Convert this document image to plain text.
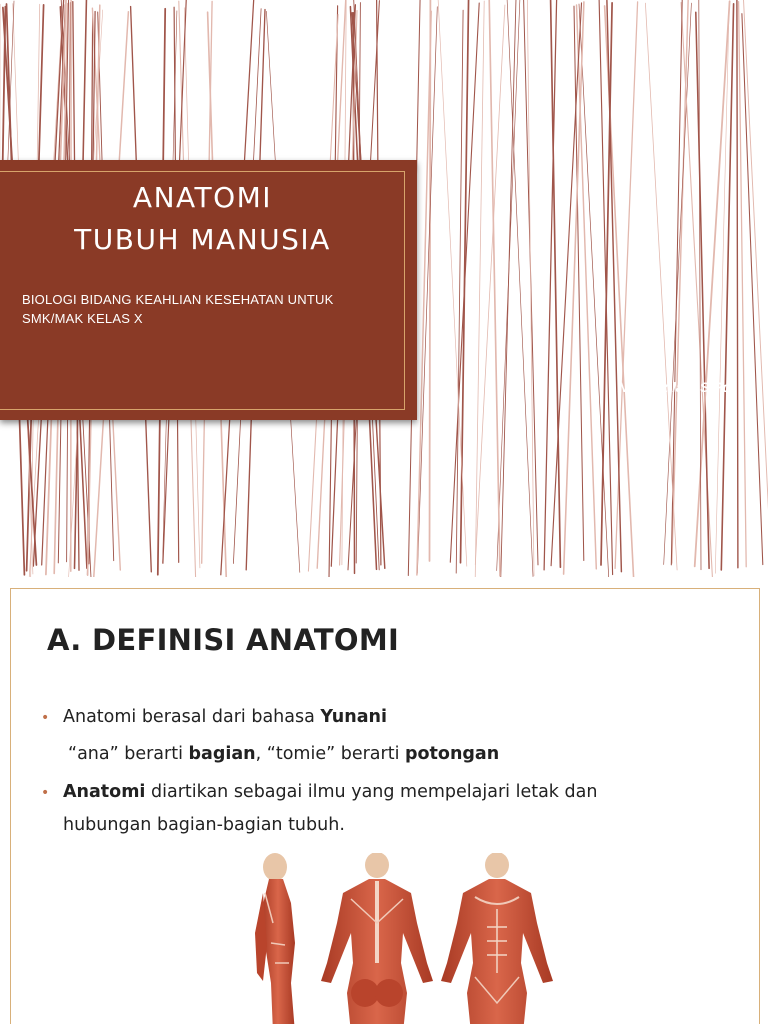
ANATOMI
TUBUH MANUSIA
BIOLOGI BIDANG KEAHLIAN KESEHATAN UNTUK
SMK/MAK KELAS X
Nur Jazilah, S.Pd.
A. DEFINISI ANATOMI
• Anatomi berasal dari bahasa Yunani
“ana” berarti bagian, “tomie” berarti potongan
• Anatomi diartikan sebagai ilmu yang mempelajari letak dan
hubungan bagian-bagian tubuh.
